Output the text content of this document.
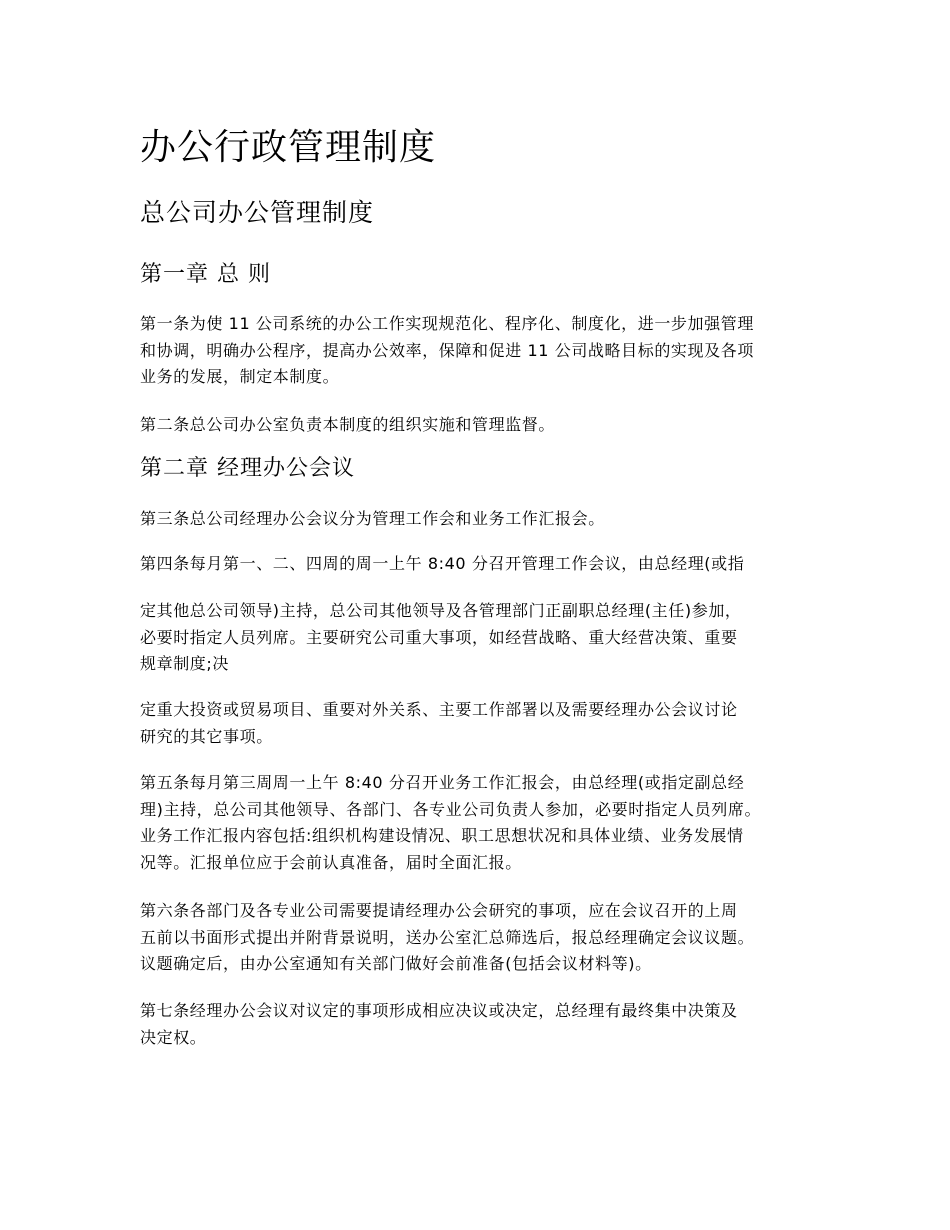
办公行政管理制度
总公司办公管理制度
第一章 总 则

第一条为使 11 公司系统的办公工作实现规范化、程序化、制度化，进一步加强管理
和协调，明确办公程序，提高办公效率，保障和促进 11 公司战略目标的实现及各项
业务的发展，制定本制度。

第二条总公司办公室负责本制度的组织实施和管理监督。

第二章 经理办公会议

第三条总公司经理办公会议分为管理工作会和业务工作汇报会。

第四条每月第一、二、四周的周一上午 8:40 分召开管理工作会议，由总经理(或指

定其他总公司领导)主持，总公司其他领导及各管理部门正副职总经理(主任)参加，
必要时指定人员列席。主要研究公司重大事项，如经营战略、重大经营决策、重要
规章制度;决

定重大投资或贸易项目、重要对外关系、主要工作部署以及需要经理办公会议讨论
研究的其它事项。

第五条每月第三周周一上午 8:40 分召开业务工作汇报会，由总经理(或指定副总经
理)主持，总公司其他领导、各部门、各专业公司负责人参加，必要时指定人员列席。
业务工作汇报内容包括:组织机构建设情况、职工思想状况和具体业绩、业务发展情
况等。汇报单位应于会前认真准备，届时全面汇报。

第六条各部门及各专业公司需要提请经理办公会研究的事项，应在会议召开的上周
五前以书面形式提出并附背景说明，送办公室汇总筛选后，报总经理确定会议议题。
议题确定后，由办公室通知有关部门做好会前准备(包括会议材料等)。

第七条经理办公会议对议定的事项形成相应决议或决定，总经理有最终集中决策及
决定权。
